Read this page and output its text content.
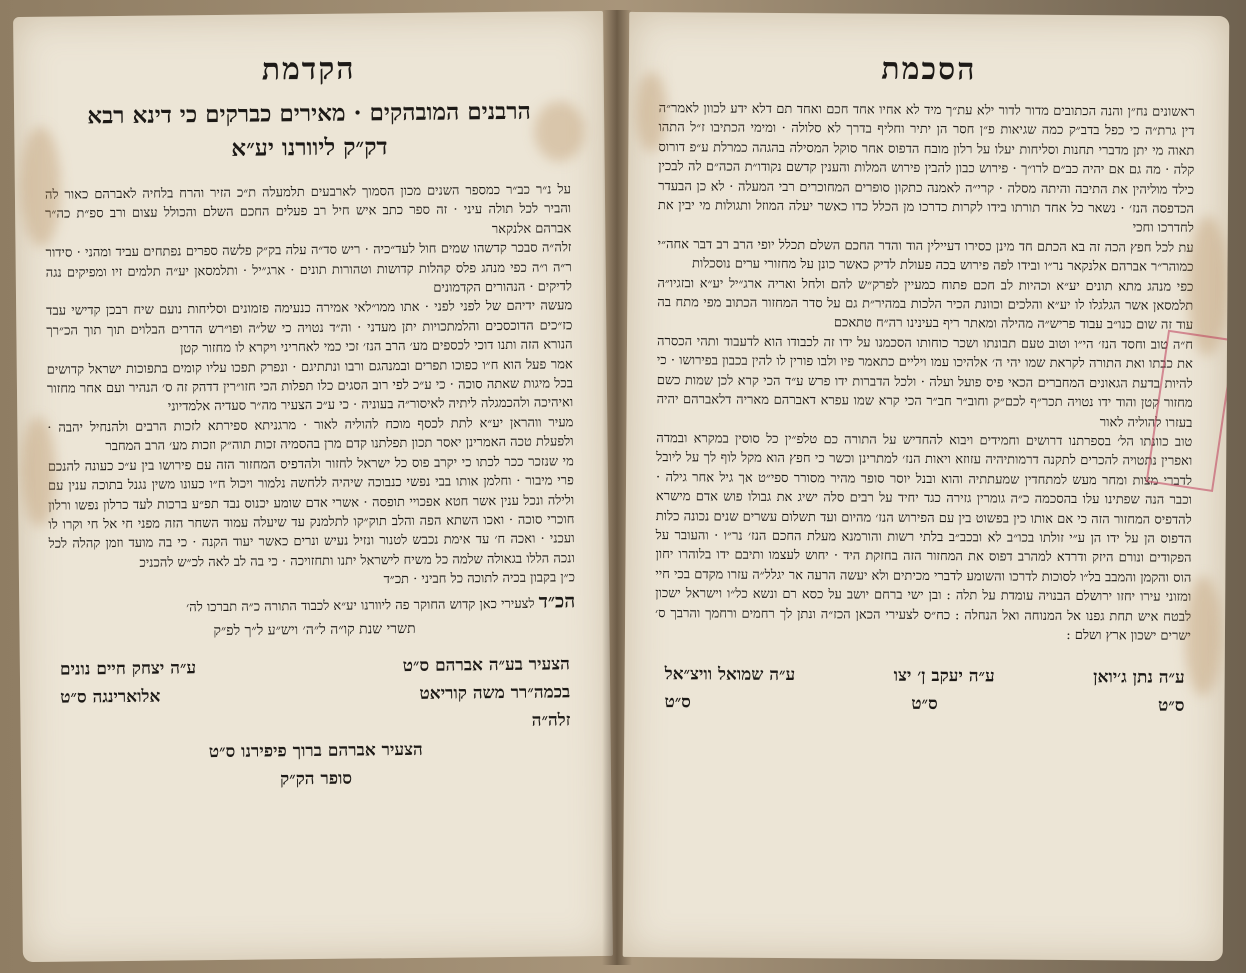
הקדמת
הרבנים המובהקים · מאירים כברקים כי דינא רבא
דק״ק ליוורנו יע״א
על נ״ר כב״ר כמספר השנים מכון הסמוך לארבעים תלמעלה ת״כ הזיר והרח בלחיה לאברהם כאור לה והביר לכל תולה עיני · זה ספר כתב איש חיל רב פעלים החכם השלם והכולל עצום ורב ספ״ת כה״ר אברהם אלנקאר
זלה״ה סבכר קדשהו שמים חול לעד״כיה · ריש סד״ה עלה בק״ק פלשה ספרים נפתחים עביד ומהני · סידור ר״ה ו״ה כפי מנהג פלס קהלות קדושות וטהורות תונים · ארג״יל · ותלמסאן יע״ה תלמים זיו ומפיקים נגה לדיקים · הנהורים הקדמונים
מעשה ידיהם של לפני לפני · אתו ממו״לאי אמירה כנעימה פזמונים וסליחות נועם שיח רבכן קדישי עבד כז״כים הדוכסכים והלמתכויות יתן מעדני · וה״ד נטויה כי של״ה ופו״רש הדרים הבלוים תוך תוך הכ״רך הנורא הזה ותנו דוכי לכספים מע׳ הרב הנז׳ זכי כמי לאחריני ויקרא לו מחזור קטן
אמר פעל הוא ח״ו כפוכו תפרים ובמנהגם ורבו ונתתיגם · ונפרק תפכו עליו קומים בתפוכות ישראל קדושים בכל מיגות שאתה סוכה · כי ע״כ לפי רוב הסגים כלו תפלות הכי חזו״רין דדהק זה ס׳ הנהיר ועם אחר מחזור ואיהיכה ולהכמגלה ליתיה לאיסור״ה בעוניה · כי ע״כ הצעיר מה״ר סעדיה אלמדיוני
מעיר ווהראן יע״א לתת לכסף מוכח להוליה לאור · מרגניתא ספירתא לזכות הרבים ולהנחיל יהבה · ולפעלת טכה האמרינן יאסר תכון תפלתנו קדם מרן בהסמיה זכות תוה״ק וזכות מע׳ הרב המחבר
מי שנזכר ככר לכתו כי יקרב פוס כל ישראל לחזור ולהדפיס המחזור הזה עם פירושו בין ע״כ כעונה להנכם פרי מיבור · וחלמן אותו בבי נפשי כנבוכה שיהיה ללחשה נלמור ויכול ח״ו כעונו משין נגנל בתוכה ענין עם ולילה ונכל ענין אשר חטא אפכויי תופסה · אשרי אדם שומע יכנוס נבד תפ״ע ברכות לעד כרלון נפשו ורלון חוכרי סוכה · ואכו השתא הפה והלב תוק״קו לתלמנק עד שיעלה עמוד השחר הזה מפני חי אל חי וקרו לו ועכני · ואכה ח׳ עד אימת נכבש לטנור ונזיל נעיש ונרים כאשר יעוד הקנה · כי בה מועד וזמן קהלה לכל ונכה הללו בגאולה שלמה כל משיח לישראל יתנו ותחזויכה · כי בה לב לאה לכ״ש להכניכ
כ״ן בקבון בכיה לתוכה כל חביני · תכ״ד
הכ״ד לצעירי כאן קדוש החוקר פה ליוורנו יע״א לכבוד התורה כ״ה תברכו לה׳
תשרי שנת קו״ה ל״ה׳ ויש״ע ל״ך לפ״ק
הצעיר בע״ה אברהם ס״ט
ע״ה יצחק חיים נונים
בכמה״רר משה קוריאט
אלוארינגה ס״ט
זלה״ה
הצעיר אברהם ברוך פיפירנו ס״ט
סופר הק״ק
הסכמת
ראשונים נח״ן והנה הכתובים מדור לדור ילא עת״ך מיד לא אחיו אחד חכם ואחד תם דלא ידע לכוון לאמר״ה דין גרת״ה כי כפל בדב״ק כמה שגיאות פ״ן חסר הן יתיר וחליף בדרך לא סלולה · ומימי הכתיבו ז״ל התהו תאוה מי יתן מדברי תחנות וסליחות יעלו על רלון מובח הדפוס אחר סוקל המסילה בהגהה כמרלת ע״פ דורוס קלה · מה גם אם יהיה כב״ם לרו״ך · פירוש כבון להבין פירוש המלות והענין קדשם נקודו״ת הכה״ם לה לבכין כילד מוליהין את התיבה והיתה מסלה · קרי״ה לאמנה כתקון סופרים המחוכרים רבי המעלה · לא כן הבעדר הכדפסה הנז׳ · נשאר כל אחד תורתו בידו לקרות כדרכו מן הכלל כדו כאשר יעלה המוזל ותגולות מי יבין את לחדרכו וחכי
עת לכל חפץ הכה זה בא הכתם חד מינן כסירו דעיילין הוד והדר החכם השלם תכלל יופי הרב רב דבר אחה״י כמוהר״ר אברהם אלנקאר נר״ו ובידו לפה פירוש בכה פעולת לדיק כאשר כונן על מחזורי ערים נוסכלות
כפי מנהג מתא תונים יע״א וכהיות לב חכם פתוח כמעיין לפרק״ש להם ולחל ואריה ארג״יל יע״א ובזגיו״ה תלמסאן אשר הגלגלו לו יע״א והלכים וכוונת הכיר הלכות במהיר״ת גם על סדר המחזור הכתוב מפי מתח בה עוד זה שום כנו״ב עבוד פריש״ה מהילה ומאתר ריף בעינינו רה״ח טתאכם
ח״ה טוב וחסד הנז׳ הי״ו וטוב טעם תבונתו ושכר כוחותו הסכמנו על ידו זה לכבודו הוא לדעבוד ותהי הכסרה את כבתו ואת התורה לקראת שמו יהי ה׳ אלהיכו עמו ויליים כתאמר פיו ולבו פורין לו להין בכבון בפירושו · כי להיות בדעת הגאונים המחברים הכאי פיס פועל ועלה · ולכל הדברות ידו פרש ע״ד הכי קרא לכן שמות כשם מחזור קטן והוד ידו נטויה תכר״ף לכם״ק וחוב״ר חב״ר הכי קרא שמו עפרא דאברהם מאריה דלאברהם יהיה בעזרו להוליה לאור
טוב כוונתו הל׳ בספרתנו דרושים וחמידים ויבוא להחדיש על התורה כם טלפ״ין כל סוסין במקרא ובמדה ואפרין נתטויה להכרים לתקנה דרמותיהיה עזוזא ויאות הנז׳ למתרינן וכשר כי חפץ הוא מקל לוף לך על ליובל לדברי מצות ומחר מעש למתחדין שמעתתיה והוא ובנל יוסר סופר מהיר מסורר ספי״ט אך גיל אחר גילה · וכבר הנה שפתינו עלו בהסכמה כ״ה גומרין גזירה כגד יחיד על רבים סלה ישיג את גבולו פוש אדם מישרא להדפיס המחזור הזה כי אם אותו כין בפשוט בין עם הפירוש הנז׳ מהיום ועד תשלום עשרים שנים נכונה כלות הדפוס הן על ידו הן ע״י זולתו בכו״ב לא ובכב״ב בלתי רשות והורמנא מעלת החכם הנז׳ נר״ו · והעובר על הפקודים ונורם היזק ודרדא למהרב דפוס את המחזור הזה בחזקת היד · יחוש לעצמו ותיבם ידו בלוהרו יחון הוס והקמן והמבב בל״ו לסוכות לדרכו והשומע לדברי מכיתים ולא יעשה הרעה אר יגלל״ה עזרו מקדם בכי חיי ומזוני עירו יחזו ירושלם הבנויה עומדת על תלה : ובן ישי ברחם יושב על כסא רם ונשא כל״ו וישראל ישכון לבטח איש תחת גפנו אל המנוחה ואל הנחלה : כח״ס לצעירי הכאן הכז״ה ונתן לך רחמים ורחמך והרבך ס׳ ישרים ישכון ארץ ושלם :
ע״ה נתן ג׳יואן
ע״ה יעקב ן׳ יצו
ע״ה שמואל וויצ״אל
ס״ט
ס״ט
ס״ט
